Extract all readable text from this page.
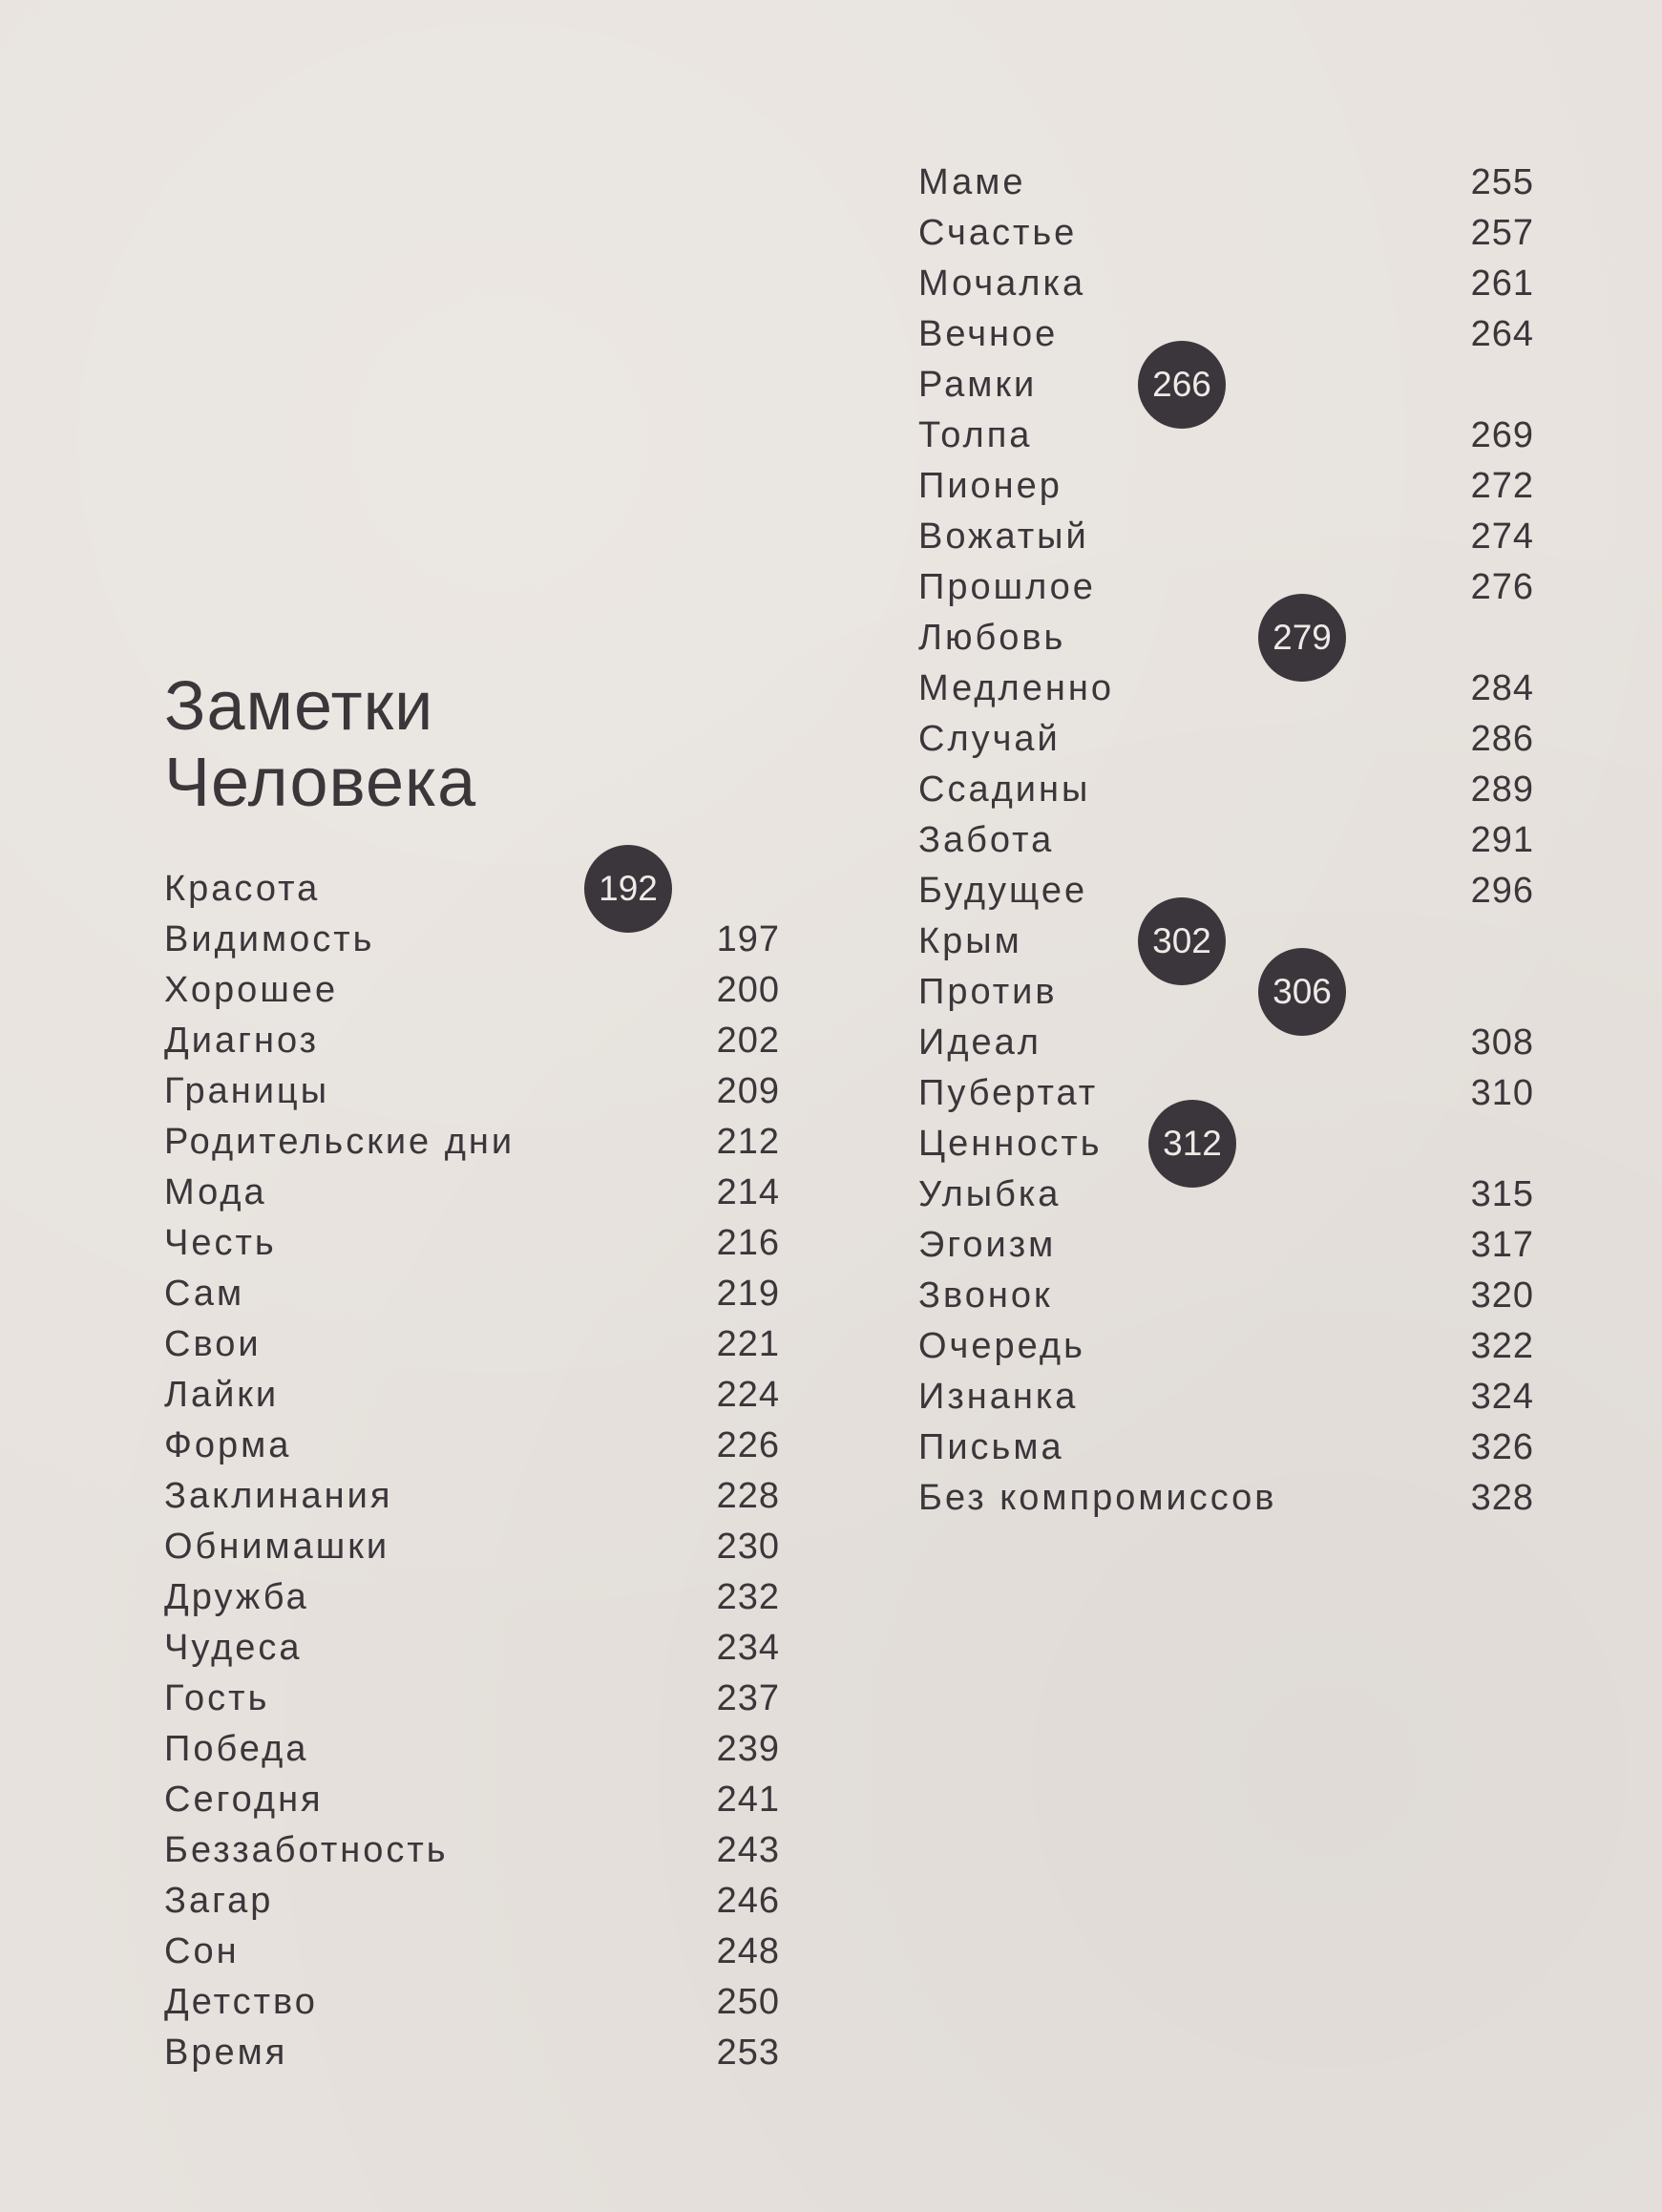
Заметки
Человека
Красота	192
Видимость	197
Хорошее	200
Диагноз	202
Границы	209
Родительские дни	212
Мода	214
Честь	216
Сам	219
Свои	221
Лайки	224
Форма	226
Заклинания	228
Обнимашки	230
Дружба	232
Чудеса	234
Гость	237
Победа	239
Сегодня	241
Беззаботность	243
Загар	246
Сон	248
Детство	250
Время	253
Маме	255
Счастье	257
Мочалка	261
Вечное	264
Рамки	266
Толпа	269
Пионер	272
Вожатый	274
Прошлое	276
Любовь	279
Медленно	284
Случай	286
Ссадины	289
Забота	291
Будущее	296
Крым	302
Против	306
Идеал	308
Пубертат	310
Ценность	312
Улыбка	315
Эгоизм	317
Звонок	320
Очередь	322
Изнанка	324
Письма	326
Без компромиссов	328
